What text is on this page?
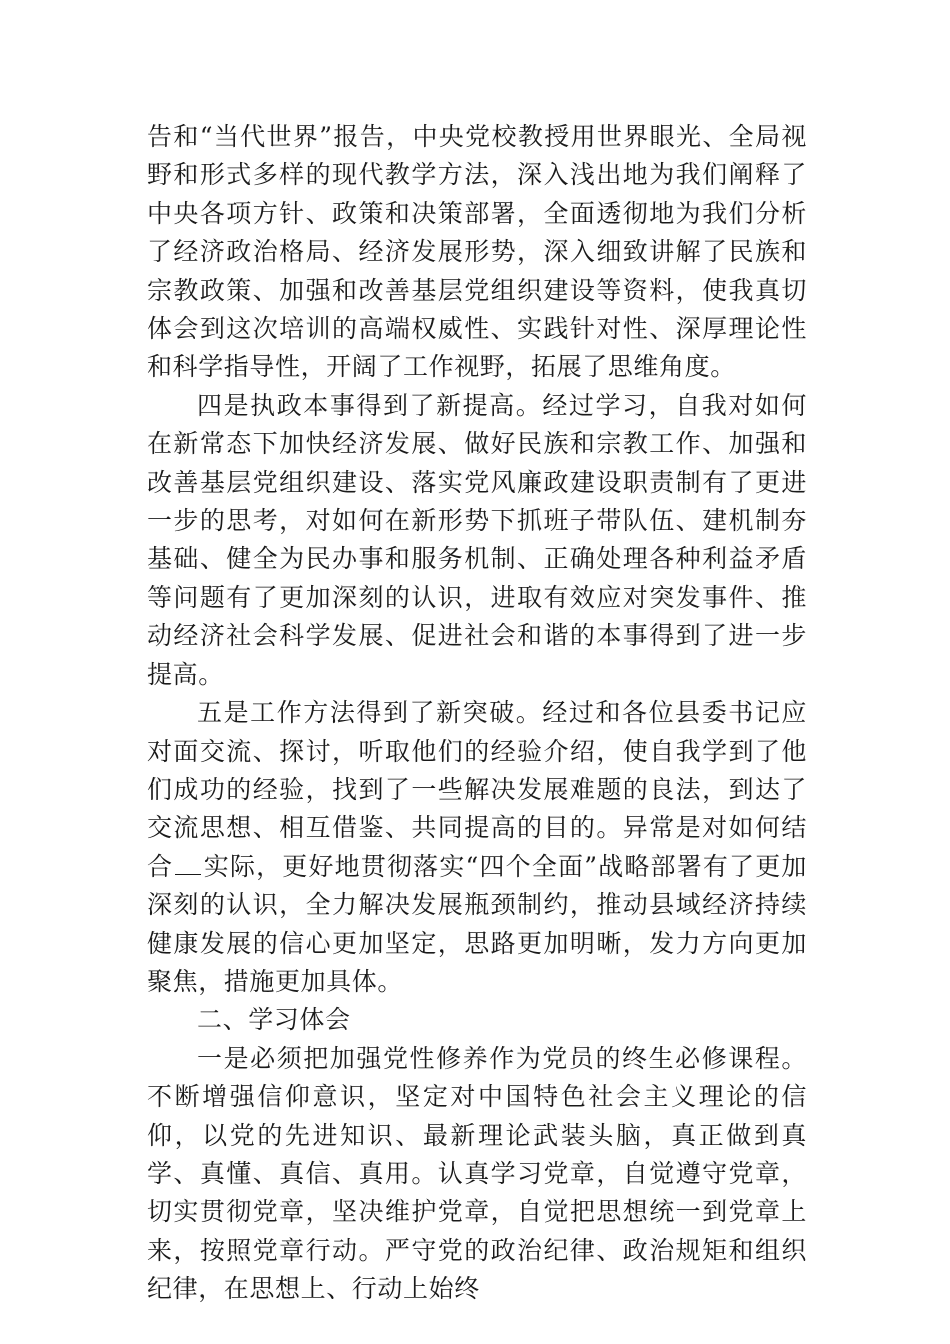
告和“当代世界”报告，中央党校教授用世界眼光、全局视野和形式多样的现代教学方法，深入浅出地为我们阐释了中央各项方针、政策和决策部署，全面透彻地为我们分析了经济政治格局、经济发展形势，深入细致讲解了民族和宗教政策、加强和改善基层党组织建设等资料，使我真切体会到这次培训的高端权威性、实践针对性、深厚理论性和科学指导性，开阔了工作视野，拓展了思维角度。

四是执政本事得到了新提高。经过学习，自我对如何在新常态下加快经济发展、做好民族和宗教工作、加强和改善基层党组织建设、落实党风廉政建设职责制有了更进一步的思考，对如何在新形势下抓班子带队伍、建机制夯基础、健全为民办事和服务机制、正确处理各种利益矛盾等问题有了更加深刻的认识，进取有效应对突发事件、推动经济社会科学发展、促进社会和谐的本事得到了进一步提高。

五是工作方法得到了新突破。经过和各位县委书记应对面交流、探讨，听取他们的经验介绍，使自我学到了他们成功的经验，找到了一些解决发展难题的良法，到达了交流思想、相互借鉴、共同提高的目的。异常是对如何结合 实际，更好地贯彻落实“四个全面”战略部署有了更加深刻的认识，全力解决发展瓶颈制约，推动县域经济持续健康发展的信心更加坚定，思路更加明晰，发力方向更加聚焦，措施更加具体。

二、学习体会

一是必须把加强党性修养作为党员的终生必修课程。不断增强信仰意识，坚定对中国特色社会主义理论的信仰，以党的先进知识、最新理论武装头脑，真正做到真学、真懂、真信、真用。认真学习党章，自觉遵守党章，切实贯彻党章，坚决维护党章，自觉把思想统一到党章上来，按照党章行动。严守党的政治纪律、政治规矩和组织纪律，在思想上、行动上始终
